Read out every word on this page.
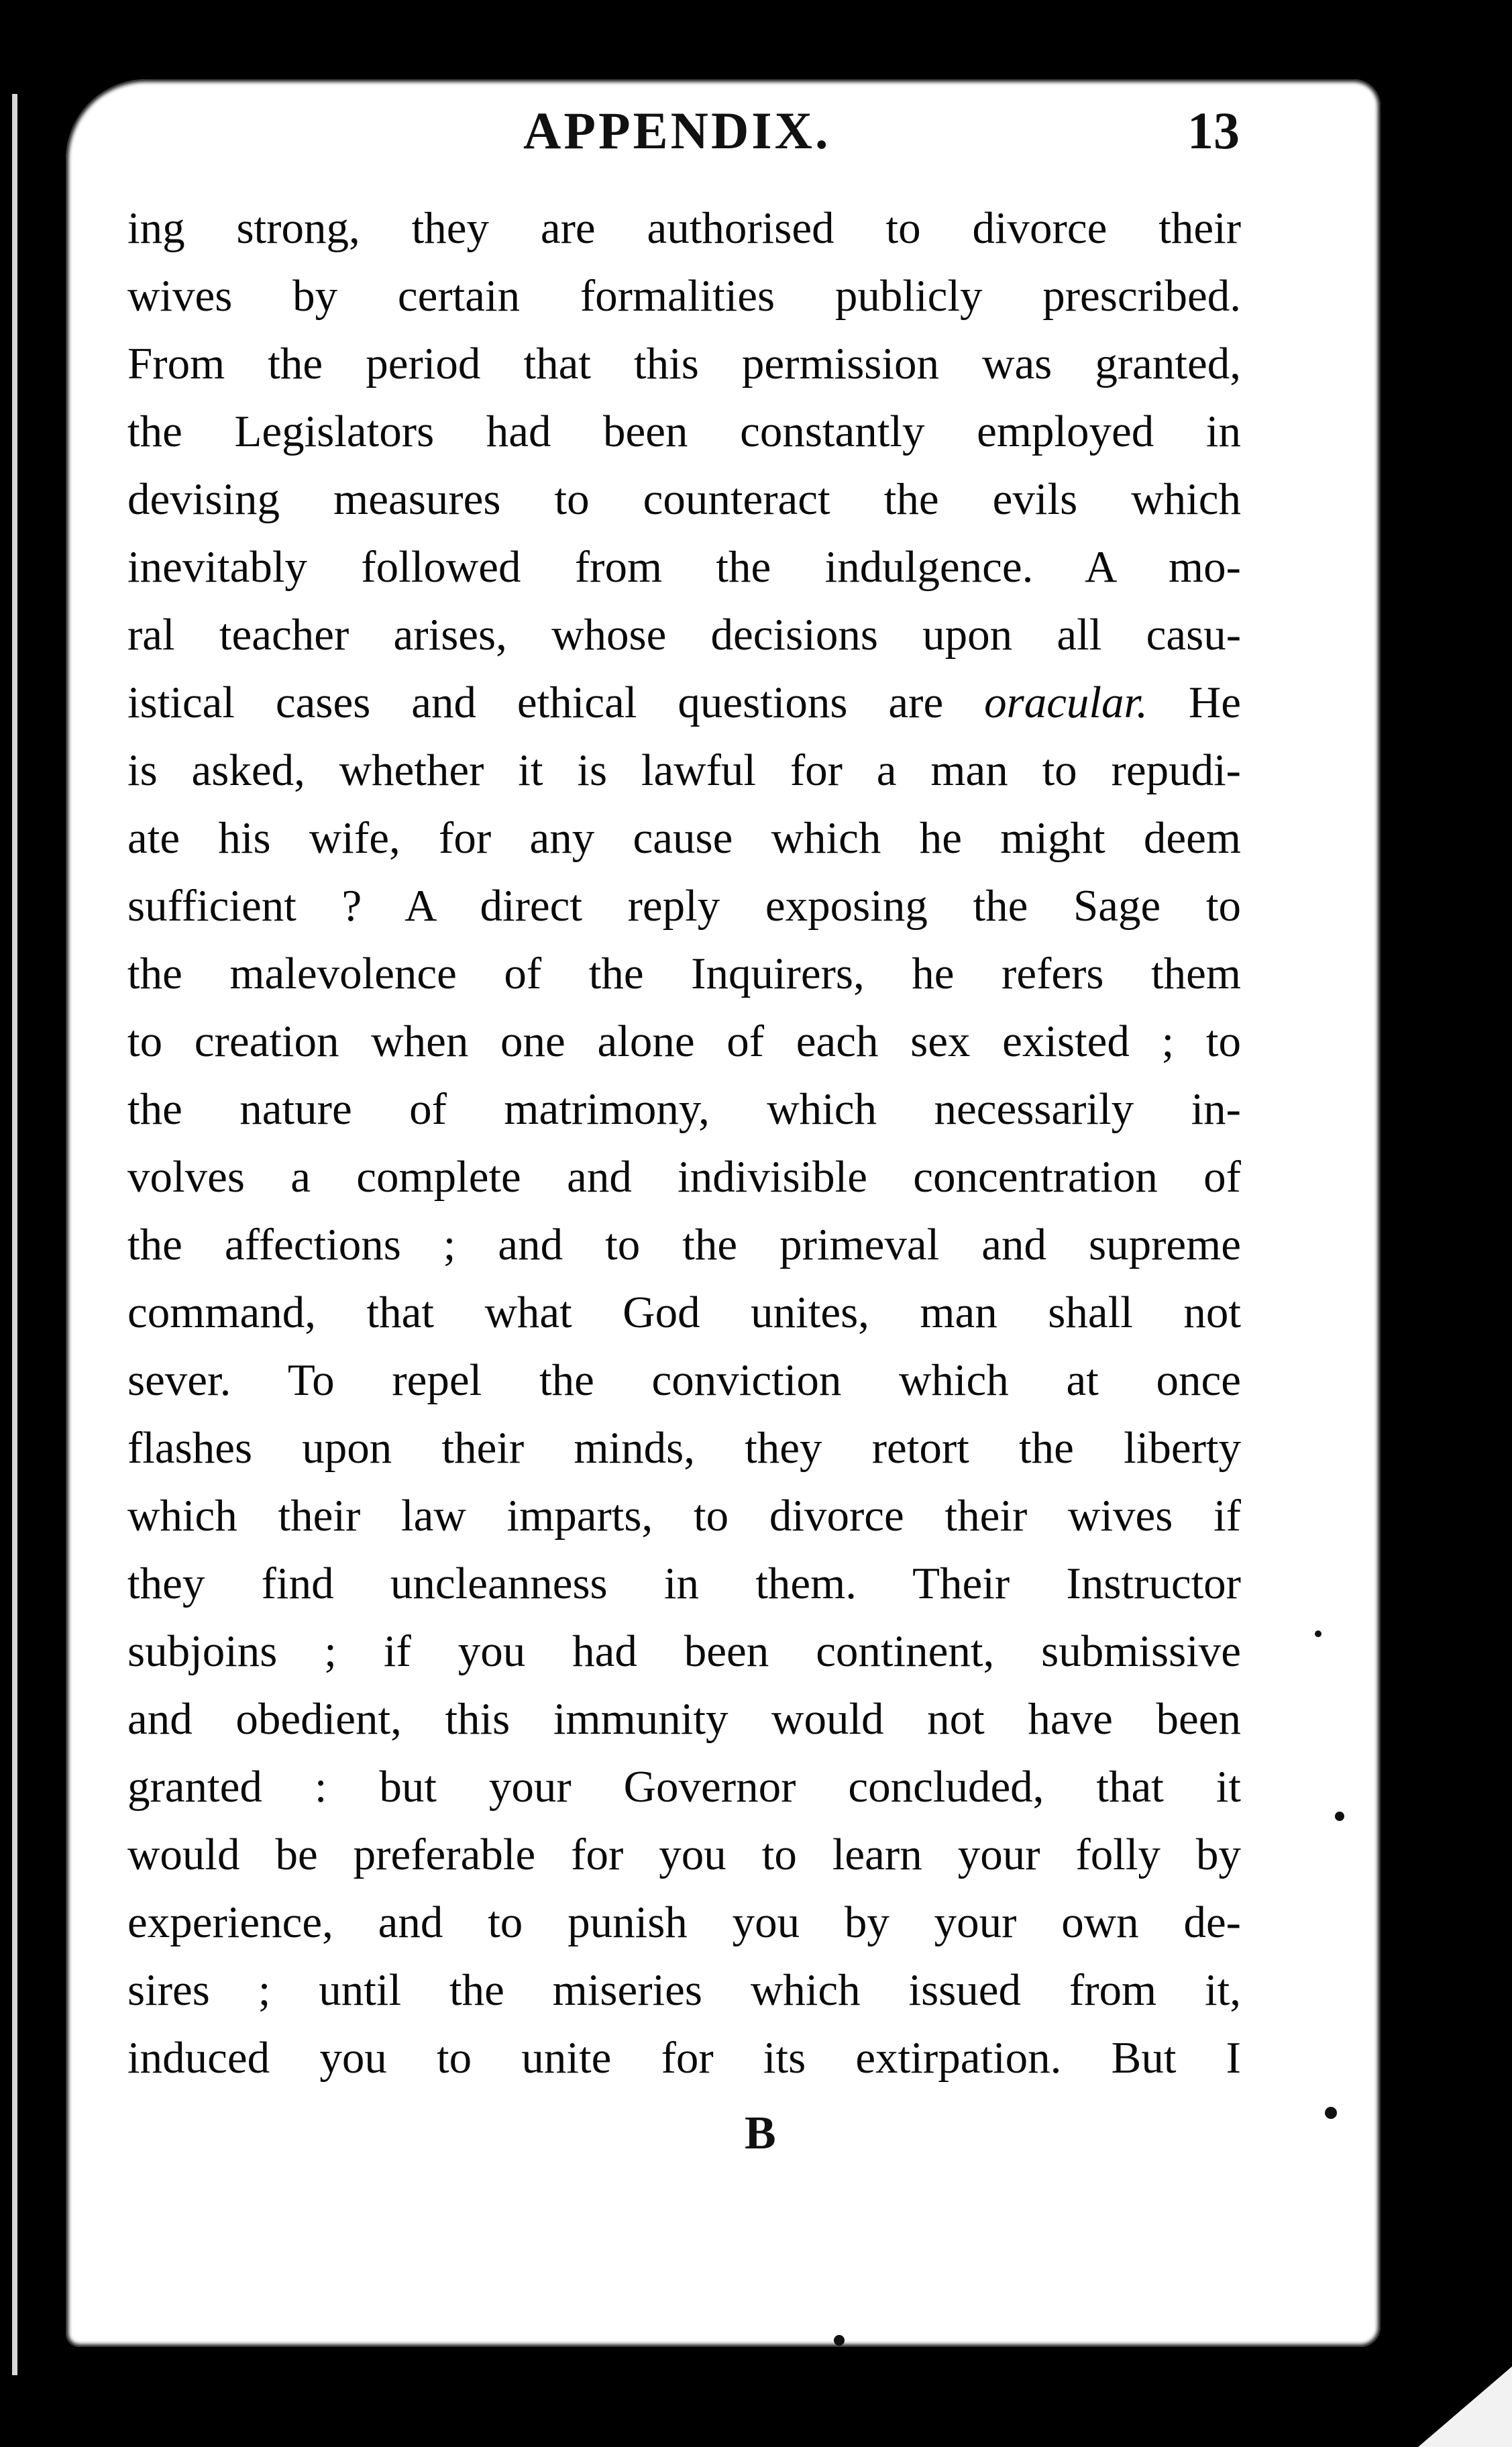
APPENDIX.	13
ing strong, they are authorised to divorce their
wives by certain formalities publicly prescribed.
From the period that this permission was granted,
the Legislators had been constantly employed in
devising measures to counteract the evils which
inevitably followed from the indulgence. A mo-
ral teacher arises, whose decisions upon all casu-
istical cases and ethical questions are oracular. He
is asked, whether it is lawful for a man to repudi-
ate his wife, for any cause which he might deem
sufficient ? A direct reply exposing the Sage to
the malevolence of the Inquirers, he refers them
to creation when one alone of each sex existed ; to
the nature of matrimony, which necessarily in-
volves a complete and indivisible concentration of
the affections ; and to the primeval and supreme
command, that what God unites, man shall not
sever. To repel the conviction which at once
flashes upon their minds, they retort the liberty
which their law imparts, to divorce their wives if
they find uncleanness in them. Their Instructor
subjoins ; if you had been continent, submissive
and obedient, this immunity would not have been
granted : but your Governor concluded, that it
would be preferable for you to learn your folly by
experience, and to punish you by your own de-
sires ; until the miseries which issued from it,
induced you to unite for its extirpation. But I
B
